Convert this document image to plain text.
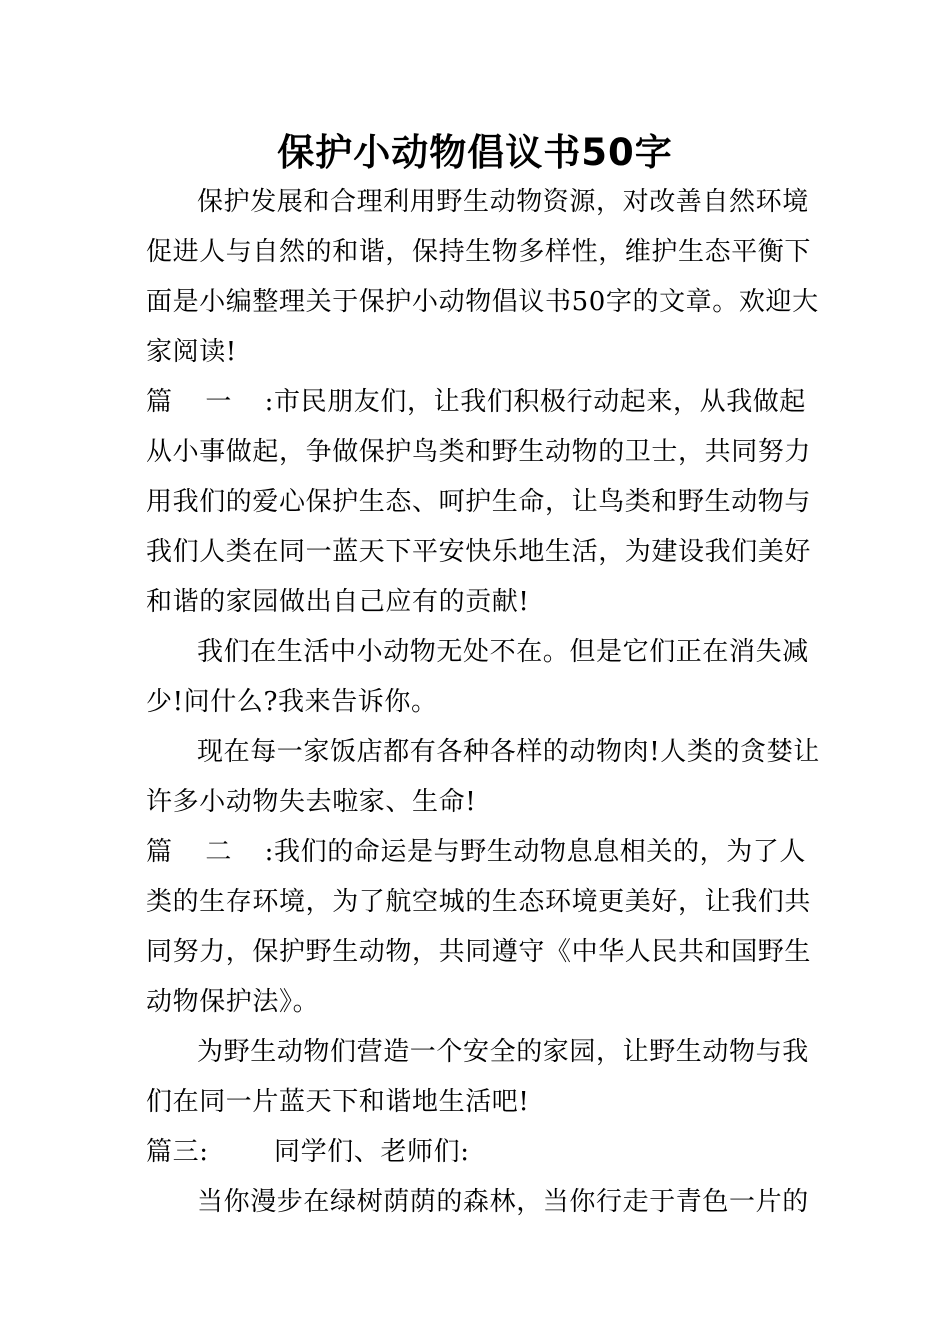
保护小动物倡议书50字

保护发展和合理利用野生动物资源，对改善自然环境

促进人与自然的和谐，保持生物多样性，维护生态平衡下

面是小编整理关于保护小动物倡议书50字的文章。欢迎大

家阅读!

篇一:市民朋友们，让我们积极行动起来，从我做起

从小事做起，争做保护鸟类和野生动物的卫士，共同努力

用我们的爱心保护生态、呵护生命，让鸟类和野生动物与

我们人类在同一蓝天下平安快乐地生活，为建设我们美好

和谐的家园做出自己应有的贡献!

我们在生活中小动物无处不在。但是它们正在消失减

少!问什么?我来告诉你。

现在每一家饭店都有各种各样的动物肉!人类的贪婪让

许多小动物失去啦家、生命!

篇二:我们的命运是与野生动物息息相关的，为了人

类的生存环境，为了航空城的生态环境更美好，让我们共

同努力，保护野生动物，共同遵守《中华人民共和国野生

动物保护法》。

为野生动物们营造一个安全的家园，让野生动物与我

们在同一片蓝天下和谐地生活吧!

篇三:	同学们、老师们:

当你漫步在绿树荫荫的森林，当你行走于青色一片的
